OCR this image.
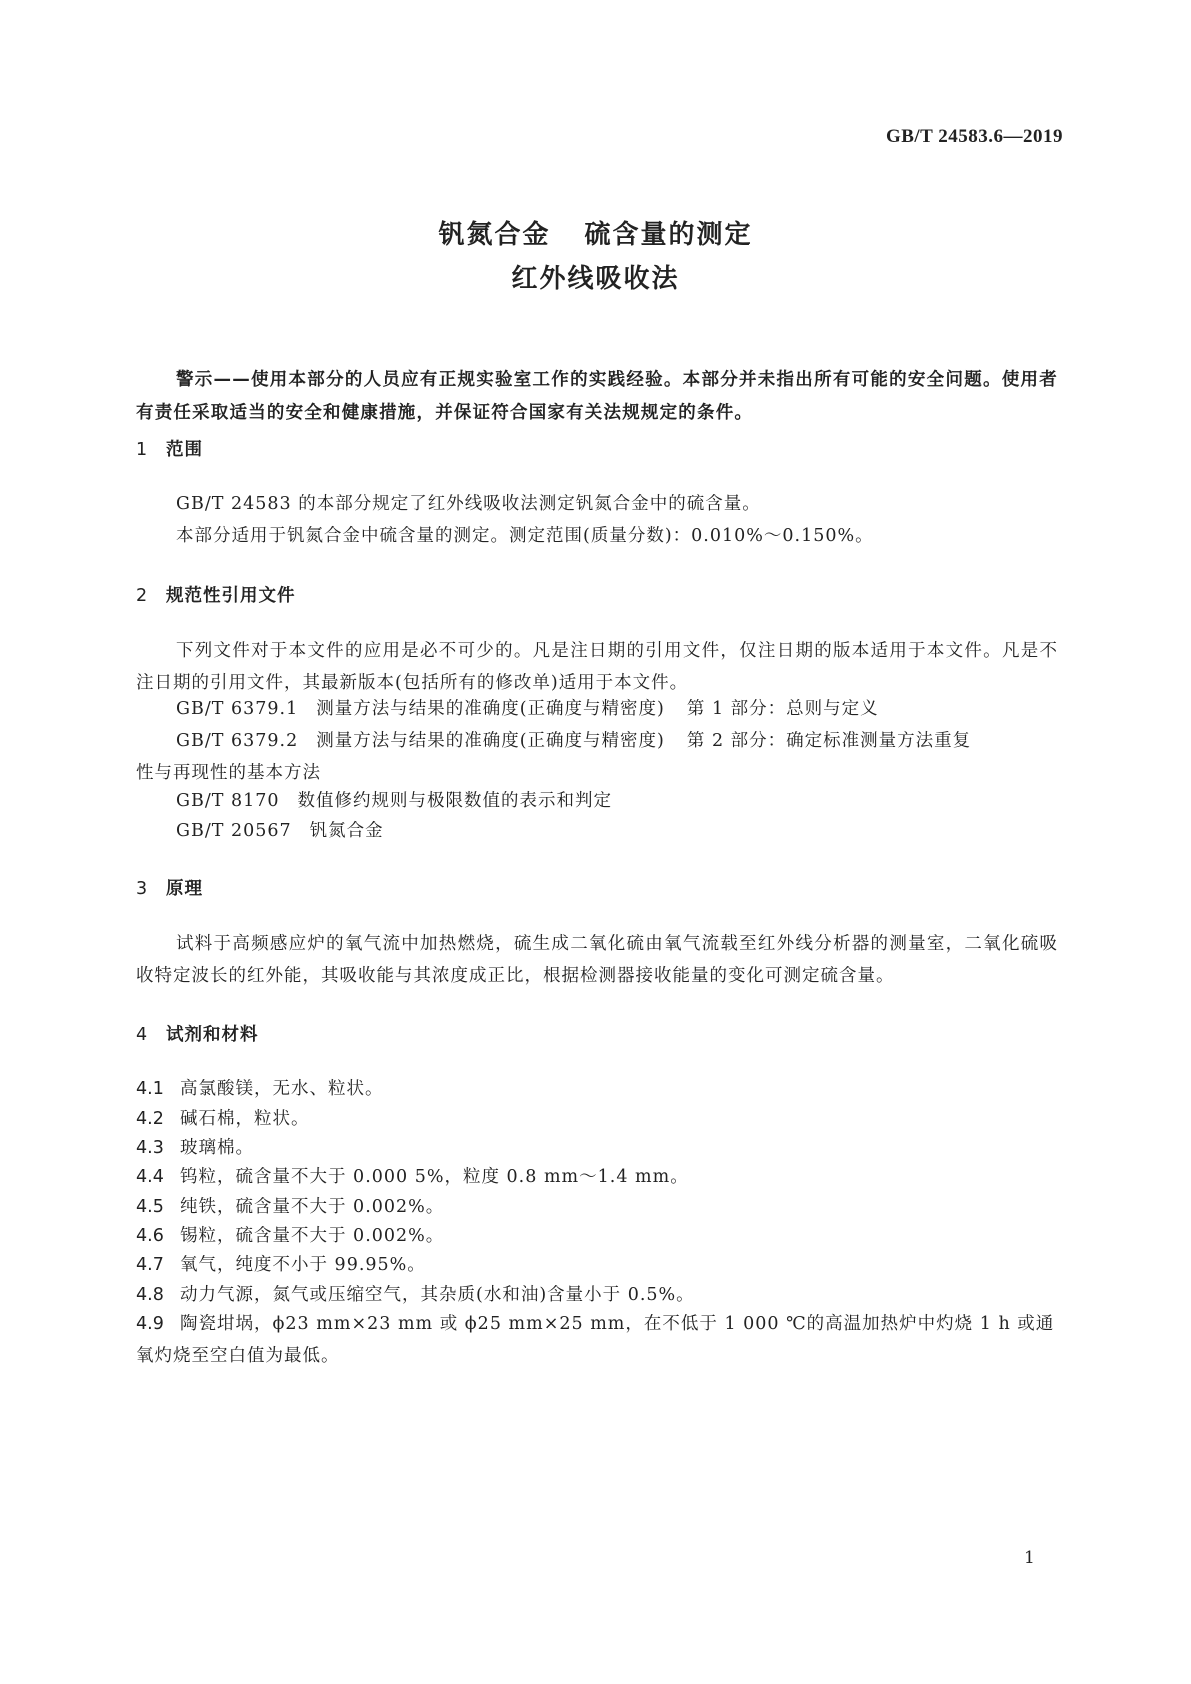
GB/T 24583.6—2019
钒氮合金 硫含量的测定
红外线吸收法

警示——使用本部分的人员应有正规实验室工作的实践经验。本部分并未指出所有可能的安全问题。使用者有责任采取适当的安全和健康措施，并保证符合国家有关法规规定的条件。

1 范围

GB/T 24583 的本部分规定了红外线吸收法测定钒氮合金中的硫含量。

本部分适用于钒氮合金中硫含量的测定。测定范围(质量分数)：0.010%～0.150%。

2 规范性引用文件

下列文件对于本文件的应用是必不可少的。凡是注日期的引用文件，仅注日期的版本适用于本文件。凡是不注日期的引用文件，其最新版本(包括所有的修改单)适用于本文件。

GB/T 6379.1 测量方法与结果的准确度(正确度与精密度) 第 1 部分：总则与定义

GB/T 6379.2 测量方法与结果的准确度(正确度与精密度) 第 2 部分：确定标准测量方法重复
性与再现性的基本方法

GB/T 8170 数值修约规则与极限数值的表示和判定

GB/T 20567 钒氮合金

3 原理

试料于高频感应炉的氧气流中加热燃烧，硫生成二氧化硫由氧气流载至红外线分析器的测量室，二氧化硫吸收特定波长的红外能，其吸收能与其浓度成正比，根据检测器接收能量的变化可测定硫含量。

4 试剂和材料

4.1 高氯酸镁，无水、粒状。

4.2 碱石棉，粒状。

4.3 玻璃棉。

4.4 钨粒，硫含量不大于 0.000 5%，粒度 0.8 mm～1.4 mm。

4.5 纯铁，硫含量不大于 0.002%。

4.6 锡粒，硫含量不大于 0.002%。

4.7 氧气，纯度不小于 99.95%。

4.8 动力气源，氮气或压缩空气，其杂质(水和油)含量小于 0.5%。

4.9 陶瓷坩埚，ϕ23 mm×23 mm 或 ϕ25 mm×25 mm，在不低于 1 000 ℃的高温加热炉中灼烧 1 h 或通氧灼烧至空白值为最低。

1
